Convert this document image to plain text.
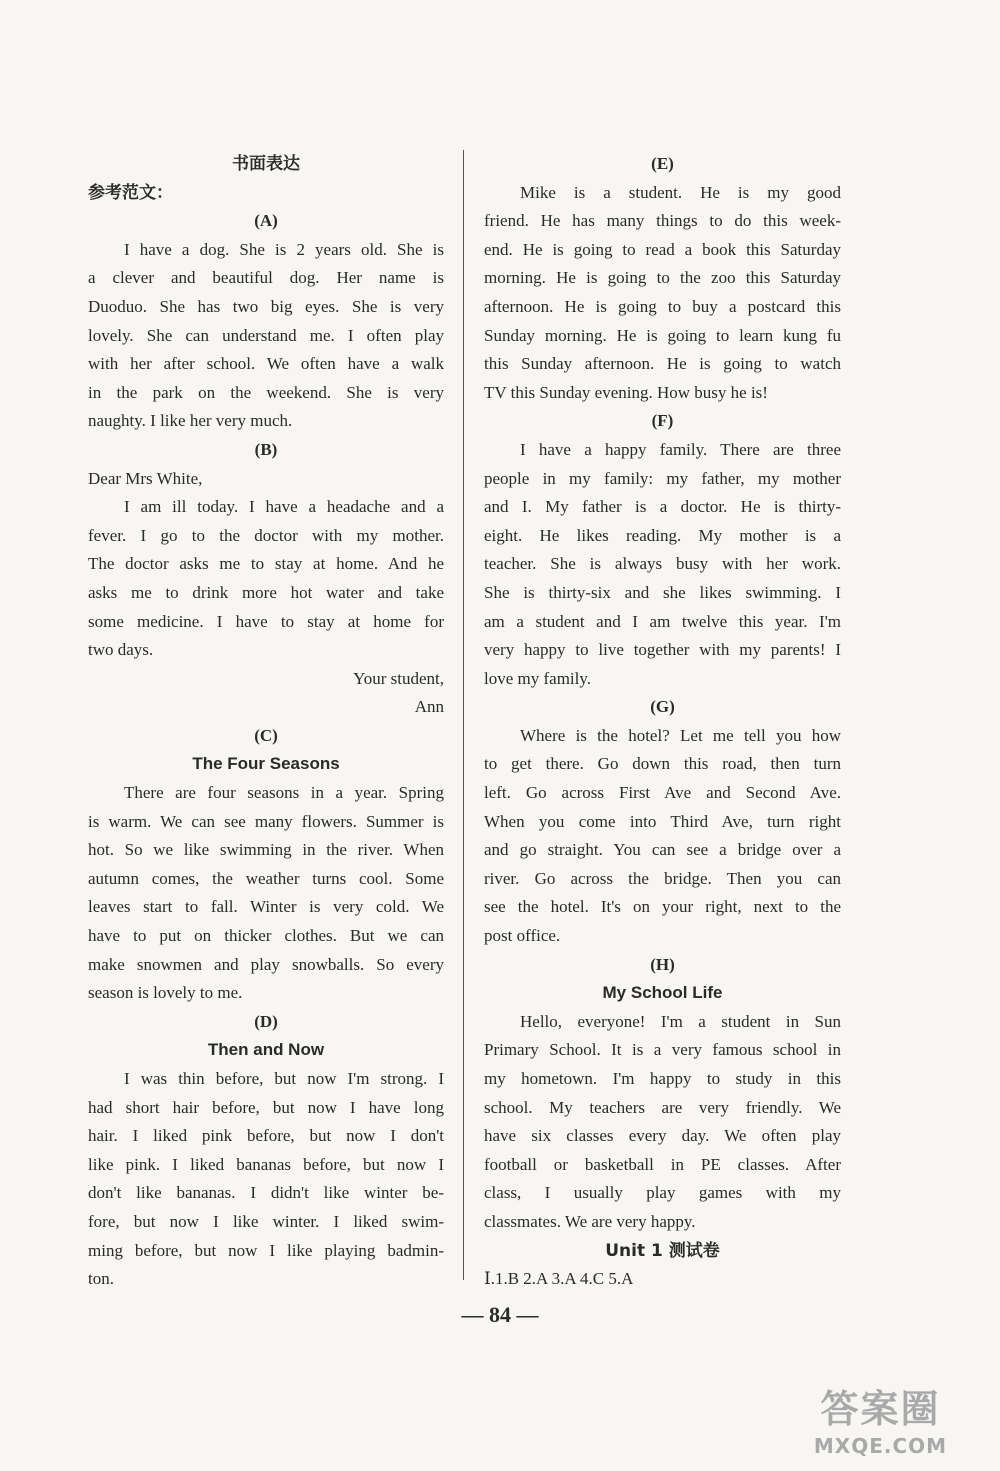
书面表达
参考范文：
(A)
I have a dog. She is 2 years old. She is
a clever and beautiful dog. Her name is
Duoduo. She has two big eyes. She is very
lovely. She can understand me. I often play
with her after school. We often have a walk
in the park on the weekend. She is very
naughty. I like her very much.
(B)
Dear Mrs White,
I am ill today. I have a headache and a
fever. I go to the doctor with my mother.
The doctor asks me to stay at home. And he
asks me to drink more hot water and take
some medicine. I have to stay at home for
two days.
Your student,
Ann
(C)
The Four Seasons
There are four seasons in a year. Spring
is warm. We can see many flowers. Summer is
hot. So we like swimming in the river. When
autumn comes, the weather turns cool. Some
leaves start to fall. Winter is very cold. We
have to put on thicker clothes. But we can
make snowmen and play snowballs. So every
season is lovely to me.
(D)
Then and Now
I was thin before, but now I'm strong. I
had short hair before, but now I have long
hair. I liked pink before, but now I don't
like pink. I liked bananas before, but now I
don't like bananas. I didn't like winter be-
fore, but now I like winter. I liked swim-
ming before, but now I like playing badmin-
ton.
(E)
Mike is a student. He is my good
friend. He has many things to do this week-
end. He is going to read a book this Saturday
morning. He is going to the zoo this Saturday
afternoon. He is going to buy a postcard this
Sunday morning. He is going to learn kung fu
this Sunday afternoon. He is going to watch
TV this Sunday evening. How busy he is!
(F)
I have a happy family. There are three
people in my family: my father, my mother
and I. My father is a doctor. He is thirty-
eight. He likes reading. My mother is a
teacher. She is always busy with her work.
She is thirty-six and she likes swimming. I
am a student and I am twelve this year. I'm
very happy to live together with my parents! I
love my family.
(G)
Where is the hotel? Let me tell you how
to get there. Go down this road, then turn
left. Go across First Ave and Second Ave.
When you come into Third Ave, turn right
and go straight. You can see a bridge over a
river. Go across the bridge. Then you can
see the hotel. It's on your right, next to the
post office.
(H)
My School Life
Hello, everyone! I'm a student in Sun
Primary School. It is a very famous school in
my hometown. I'm happy to study in this
school. My teachers are very friendly. We
have six classes every day. We often play
football or basketball in PE classes. After
class, I usually play games with my
classmates. We are very happy.
Unit 1 测试卷
Ⅰ.1.B 2.A 3.A 4.C 5.A
— 84 —
答案圈
MXQE.COM
